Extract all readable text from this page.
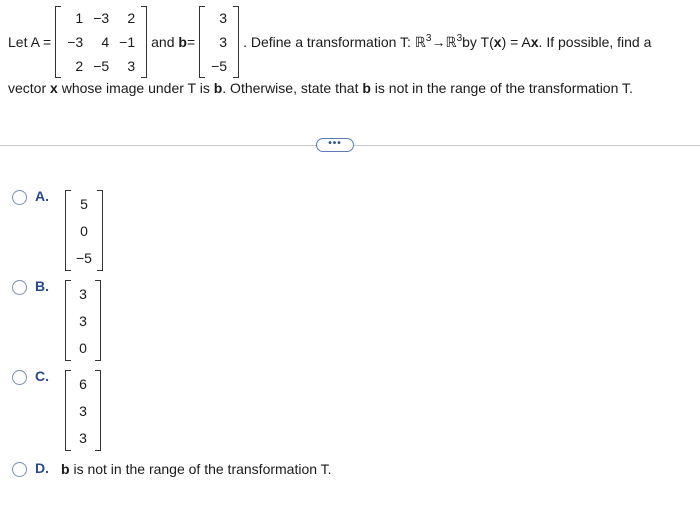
Let A =
1	−3	2
−3	4	−1
2	−5	3
and
b =
3
3
−5
. Define a transformation T: ℝ$^3$ →ℝ$^3$ by T( x ) = A x . If possible, find a
vector x whose image under T is b. Otherwise, state that b is not in the range of the transformation T.
•••
A.	5
0
−5
B.	3
3
0
C.	6
3
3
D. b is not in the range of the transformation T.
